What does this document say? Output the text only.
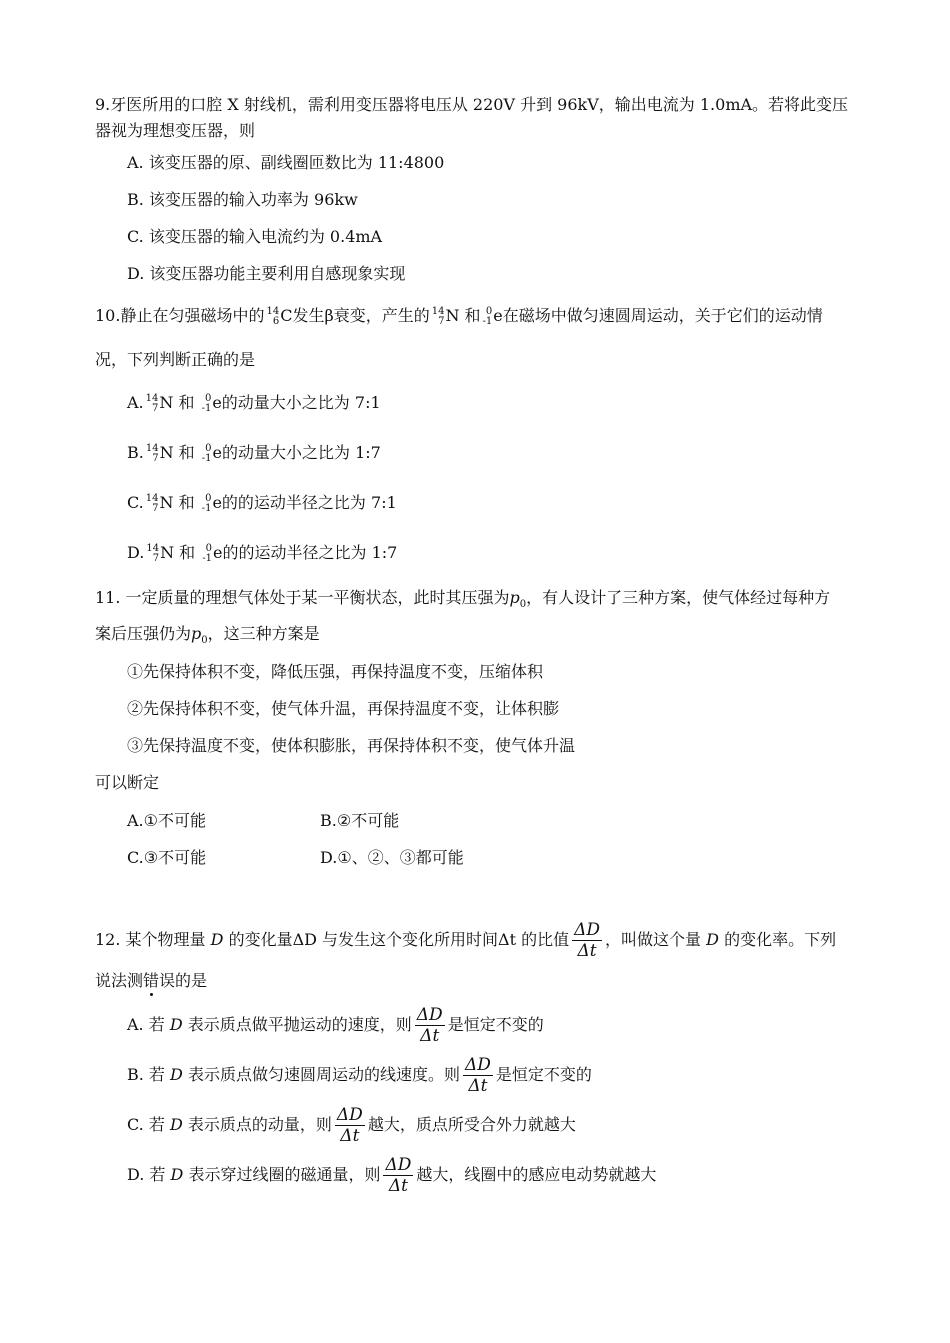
9.牙医所用的口腔 X 射线机，需利用变压器将电压从 220V 升到 96kV，输出电流为 1.0mA。若将此变压
器视为理想变压器，则
A. 该变压器的原、副线圈匝数比为 11:4800
B. 该变压器的输入功率为 96kw
C. 该变压器的输入电流约为 0.4mA
D. 该变压器功能主要利用自感现象实现
10.静止在匀强磁场中的 14
6 C发生β衰变，产生的 14
7 N 和 0
-1 e在磁场中做匀速圆周运动，关于它们的运动情
况，下列判断正确的是
A. 14
7 N 和	0
-1 e的动量大小之比为 7:1
B. 14
7 N 和	0
-1 e的动量大小之比为 1:7
C. 14
7 N 和	0
-1 e的的运动半径之比为 7:1
D. 14
7 N 和	0
-1 e的的运动半径之比为 1:7
11. 一定质量的理想气体处于某一平衡状态，此时其压强为$p_0$，有人设计了三种方案，使气体经过每种方
案后压强仍为$p_0$，这三种方案是
①先保持体积不变，降低压强，再保持温度不变，压缩体积
②先保持体积不变，使气体升温，再保持温度不变，让体积膨
③先保持温度不变，使体积膨胀，再保持体积不变，使气体升温
可以断定
A.①不可能	B.②不可能
C.③不可能	D.①、②、③都可能
12. 某个物理量 D 的变化量ΔD 与发生这个变化所用时间Δt 的比值 $\frac{\Delta D}{\Delta t}$ ，叫做这个量 D 的变化率。下列
说法测错误的是
A. 若 D 表示质点做平抛运动的速度，则 $\frac{\Delta D}{\Delta t}$ 是恒定不变的
B. 若 D 表示质点做匀速圆周运动的线速度。则 $\frac{\Delta D}{\Delta t}$ 是恒定不变的
C. 若 D 表示质点的动量，则 $\frac{\Delta D}{\Delta t}$ 越大，质点所受合外力就越大
D. 若 D 表示穿过线圈的磁通量，则 $\frac{\Delta D}{\Delta t}$ 越大，线圈中的感应电动势就越大
